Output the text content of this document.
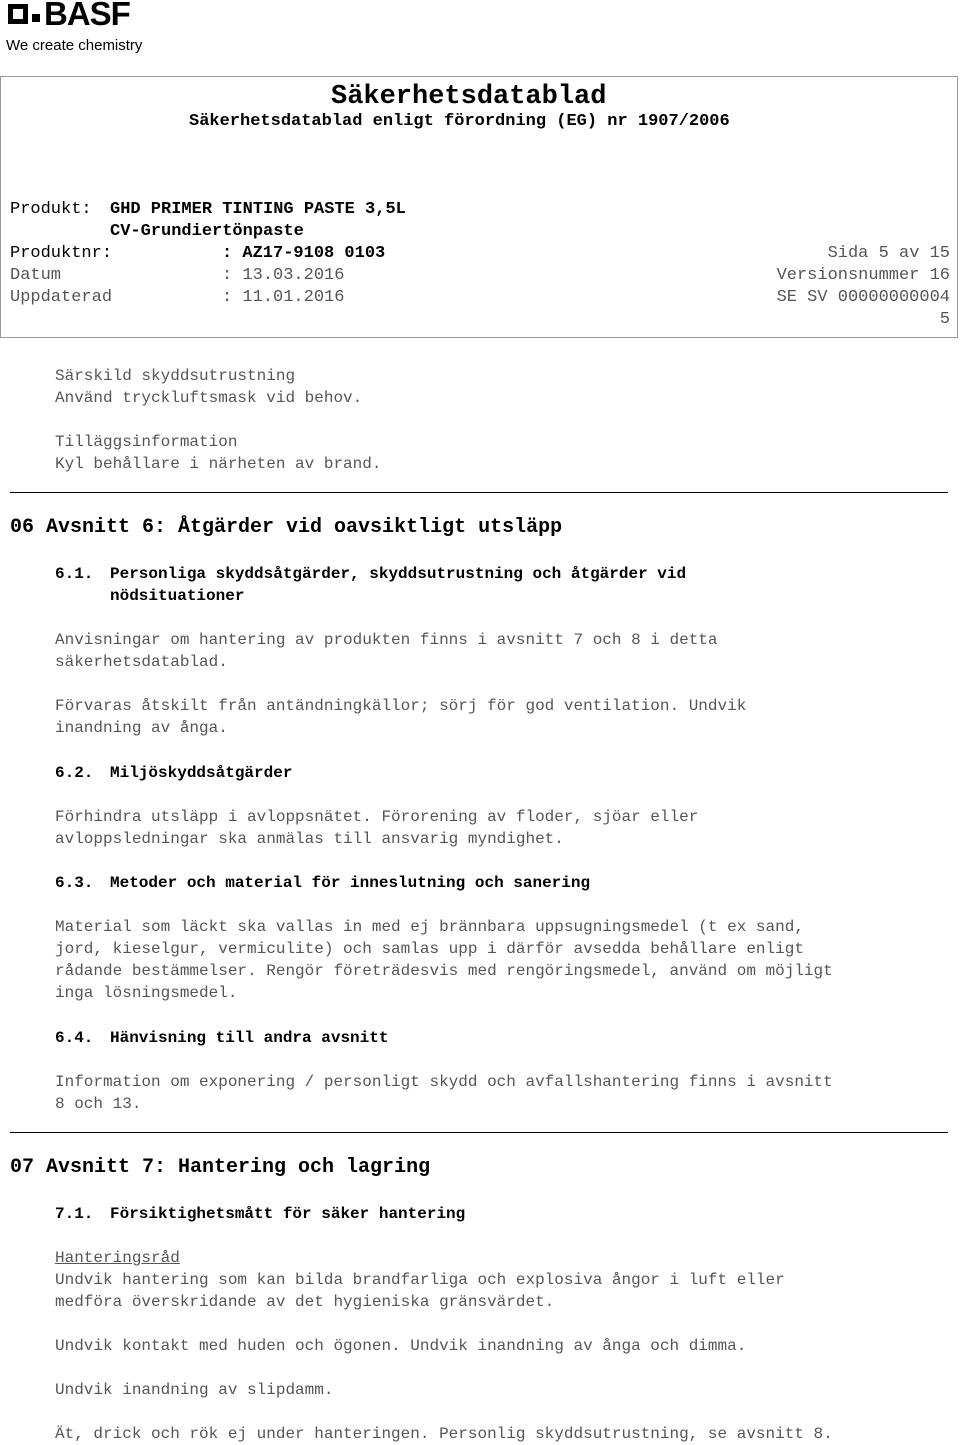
BASF
We create chemistry
Säkerhetsdatablad
Säkerhetsdatablad enligt förordning (EG) nr 1907/2006
Produkt: GHD PRIMER TINTING PASTE 3,5L
CV-Grundiertönpaste
Produktnr:	: AZ17-9108 0103	Sida 5 av 15
Datum	: 13.03.2016	Versionsnummer 16
Uppdaterad	: 11.01.2016	SE SV 00000000004
5
Särskild skyddsutrustning
Använd tryckluftsmask vid behov.
Tilläggsinformation
Kyl behållare i närheten av brand.
06 Avsnitt 6: Åtgärder vid oavsiktligt utsläpp
6.1. Personliga skyddsåtgärder, skyddsutrustning och åtgärder vid
nödsituationer
Anvisningar om hantering av produkten finns i avsnitt 7 och 8 i detta
säkerhetsdatablad.
Förvaras åtskilt från antändningkällor; sörj för god ventilation. Undvik
inandning av ånga.
6.2. Miljöskyddsåtgärder
Förhindra utsläpp i avloppsnätet. Förorening av floder, sjöar eller
avloppsledningar ska anmälas till ansvarig myndighet.
6.3. Metoder och material för inneslutning och sanering
Material som läckt ska vallas in med ej brännbara uppsugningsmedel (t ex sand,
jord, kieselgur, vermiculite) och samlas upp i därför avsedda behållare enligt
rådande bestämmelser. Rengör företrädesvis med rengöringsmedel, använd om möjligt
inga lösningsmedel.
6.4. Hänvisning till andra avsnitt
Information om exponering / personligt skydd och avfallshantering finns i avsnitt
8 och 13.
07 Avsnitt 7: Hantering och lagring
7.1. Försiktighetsmått för säker hantering
Hanteringsråd
Undvik hantering som kan bilda brandfarliga och explosiva ångor i luft eller
medföra överskridande av det hygieniska gränsvärdet.
Undvik kontakt med huden och ögonen. Undvik inandning av ånga och dimma.
Undvik inandning av slipdamm.
Ät, drick och rök ej under hanteringen. Personlig skyddsutrustning, se avsnitt 8.
